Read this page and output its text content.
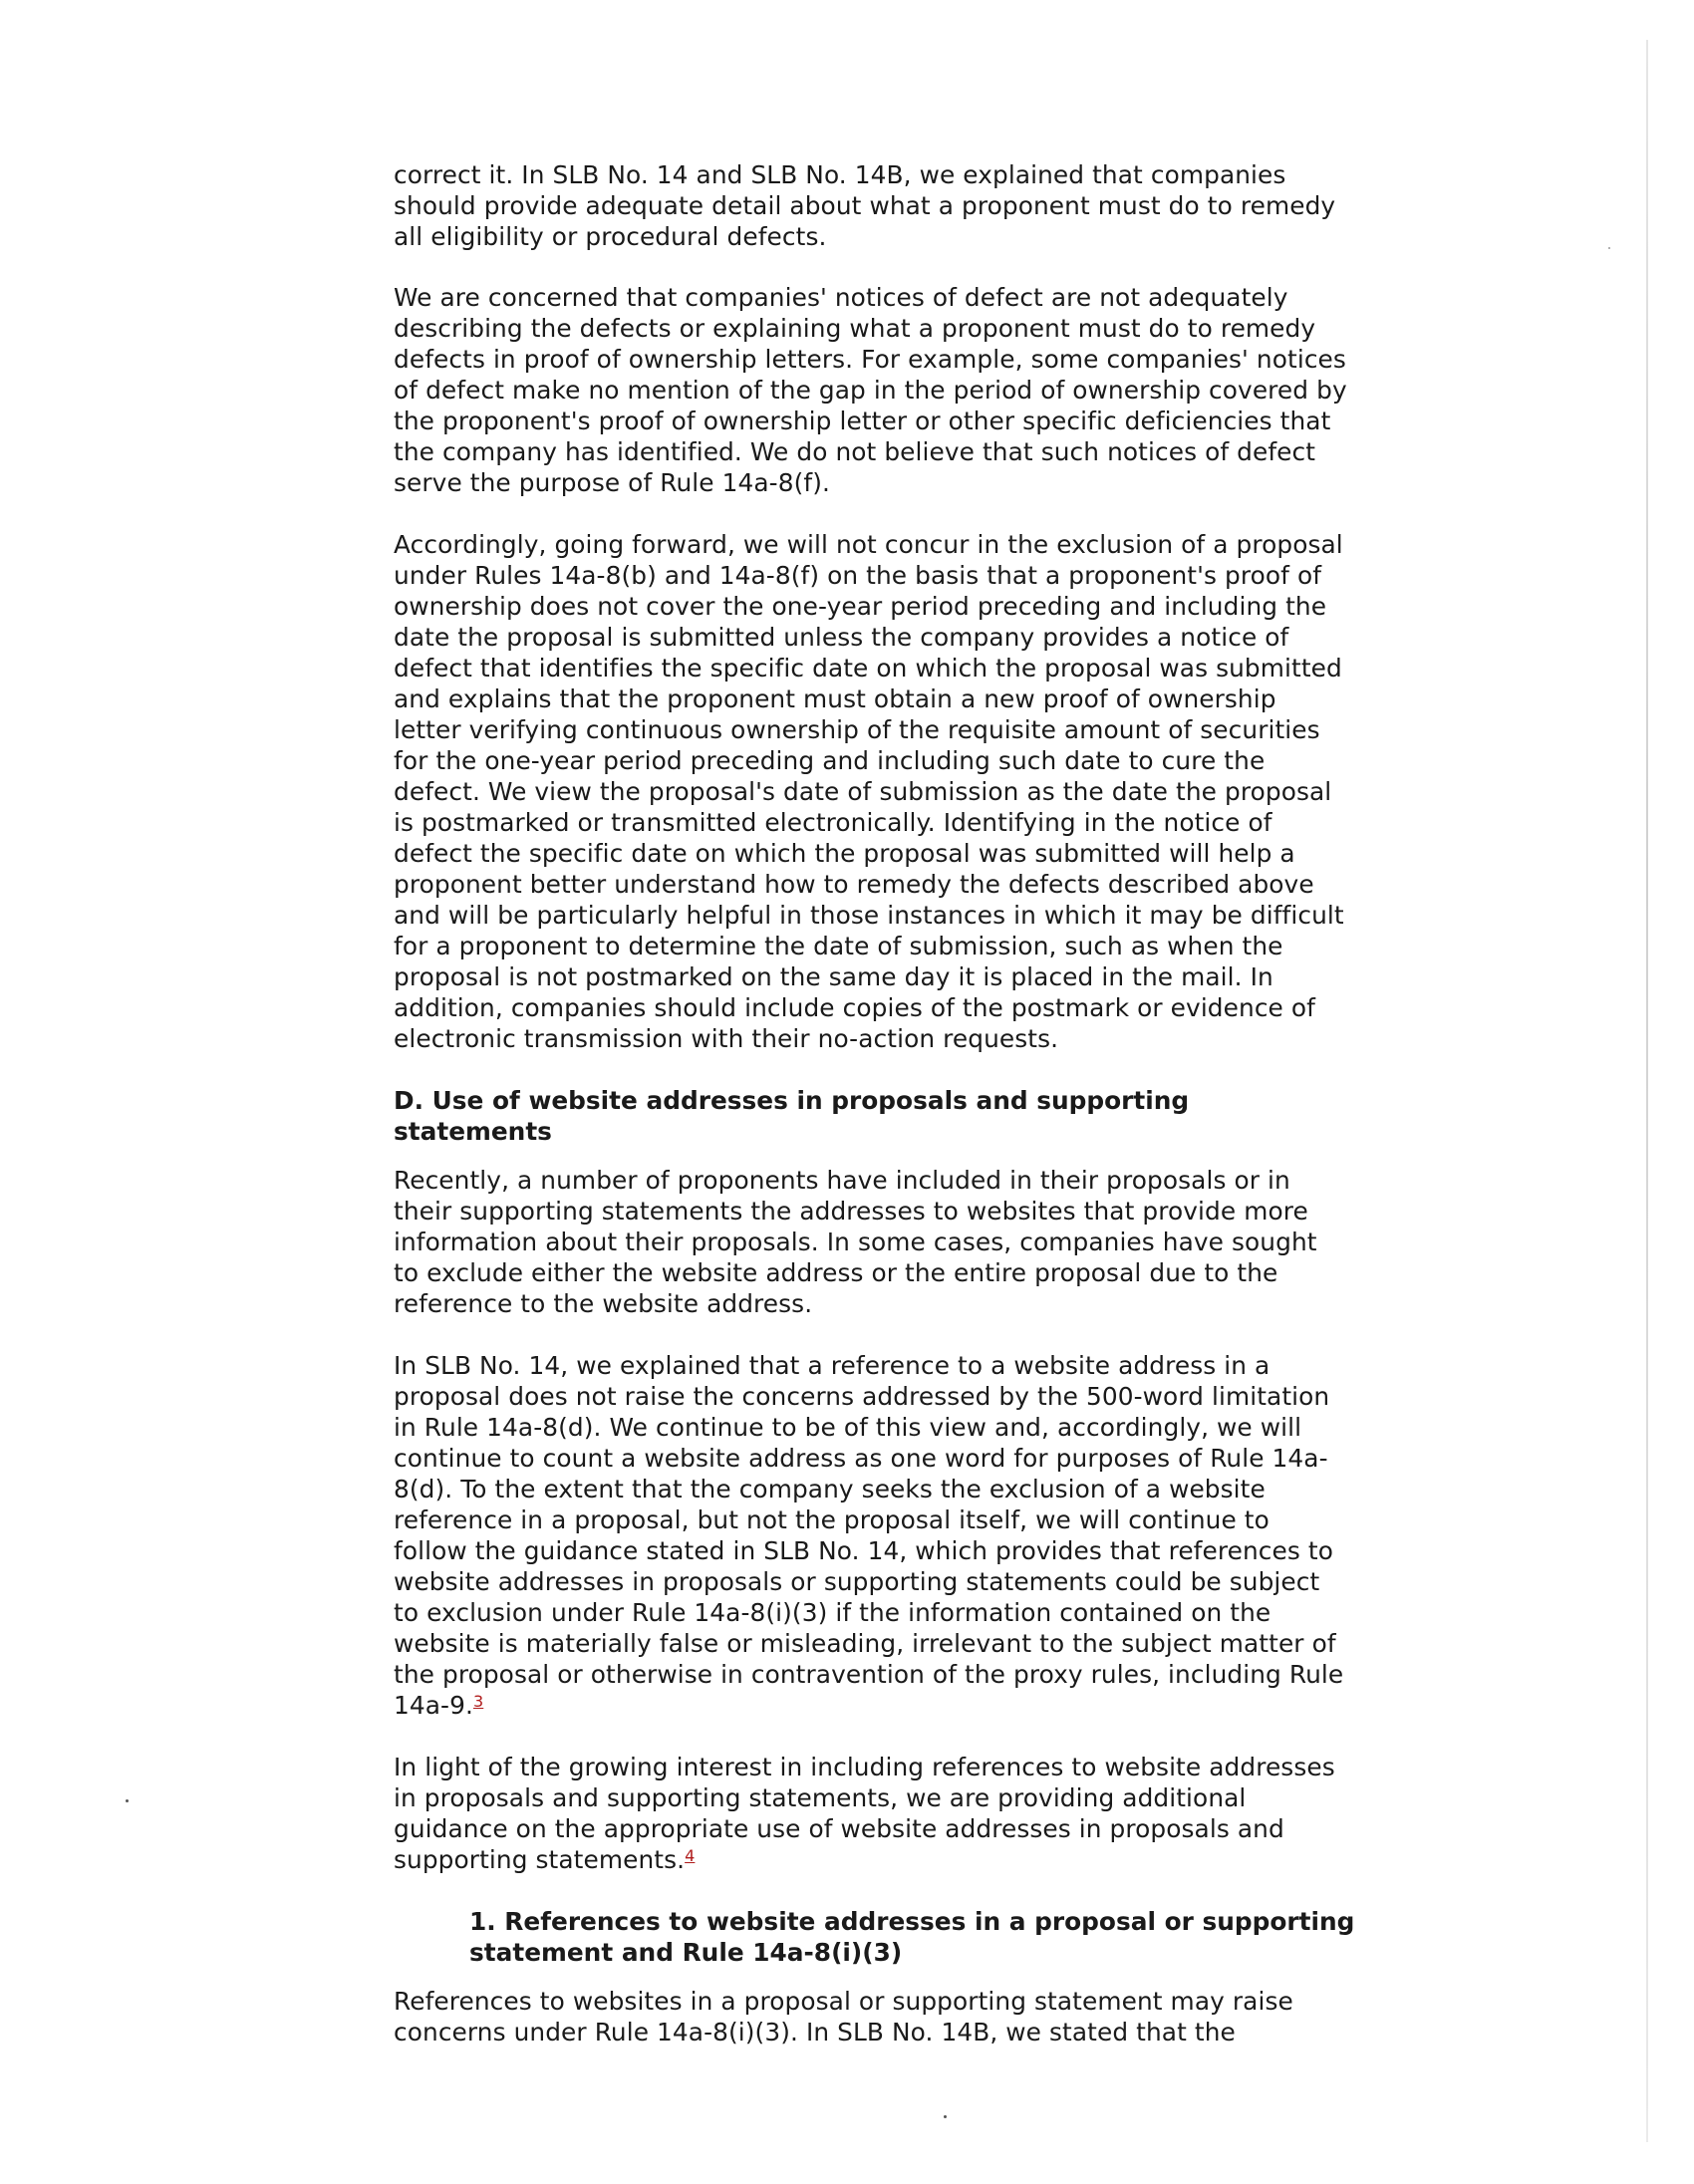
correct it. In SLB No. 14 and SLB No. 14B, we explained that companies
should provide adequate detail about what a proponent must do to remedy
all eligibility or procedural defects.

We are concerned that companies' notices of defect are not adequately
describing the defects or explaining what a proponent must do to remedy
defects in proof of ownership letters. For example, some companies' notices
of defect make no mention of the gap in the period of ownership covered by
the proponent's proof of ownership letter or other specific deficiencies that
the company has identified. We do not believe that such notices of defect
serve the purpose of Rule 14a-8(f).

Accordingly, going forward, we will not concur in the exclusion of a proposal
under Rules 14a-8(b) and 14a-8(f) on the basis that a proponent's proof of
ownership does not cover the one-year period preceding and including the
date the proposal is submitted unless the company provides a notice of
defect that identifies the specific date on which the proposal was submitted
and explains that the proponent must obtain a new proof of ownership
letter verifying continuous ownership of the requisite amount of securities
for the one-year period preceding and including such date to cure the
defect. We view the proposal's date of submission as the date the proposal
is postmarked or transmitted electronically. Identifying in the notice of
defect the specific date on which the proposal was submitted will help a
proponent better understand how to remedy the defects described above
and will be particularly helpful in those instances in which it may be difficult
for a proponent to determine the date of submission, such as when the
proposal is not postmarked on the same day it is placed in the mail. In
addition, companies should include copies of the postmark or evidence of
electronic transmission with their no-action requests.

D. Use of website addresses in proposals and supporting
statements

Recently, a number of proponents have included in their proposals or in
their supporting statements the addresses to websites that provide more
information about their proposals. In some cases, companies have sought
to exclude either the website address or the entire proposal due to the
reference to the website address.

In SLB No. 14, we explained that a reference to a website address in a
proposal does not raise the concerns addressed by the 500-word limitation
in Rule 14a-8(d). We continue to be of this view and, accordingly, we will
continue to count a website address as one word for purposes of Rule 14a-
8(d). To the extent that the company seeks the exclusion of a website
reference in a proposal, but not the proposal itself, we will continue to
follow the guidance stated in SLB No. 14, which provides that references to
website addresses in proposals or supporting statements could be subject
to exclusion under Rule 14a-8(i)(3) if the information contained on the
website is materially false or misleading, irrelevant to the subject matter of
the proposal or otherwise in contravention of the proxy rules, including Rule
14a-9.$^3$

In light of the growing interest in including references to website addresses
in proposals and supporting statements, we are providing additional
guidance on the appropriate use of website addresses in proposals and
supporting statements.$^4$

1. References to website addresses in a proposal or supporting
statement and Rule 14a-8(i)(3)

References to websites in a proposal or supporting statement may raise
concerns under Rule 14a-8(i)(3). In SLB No. 14B, we stated that the
